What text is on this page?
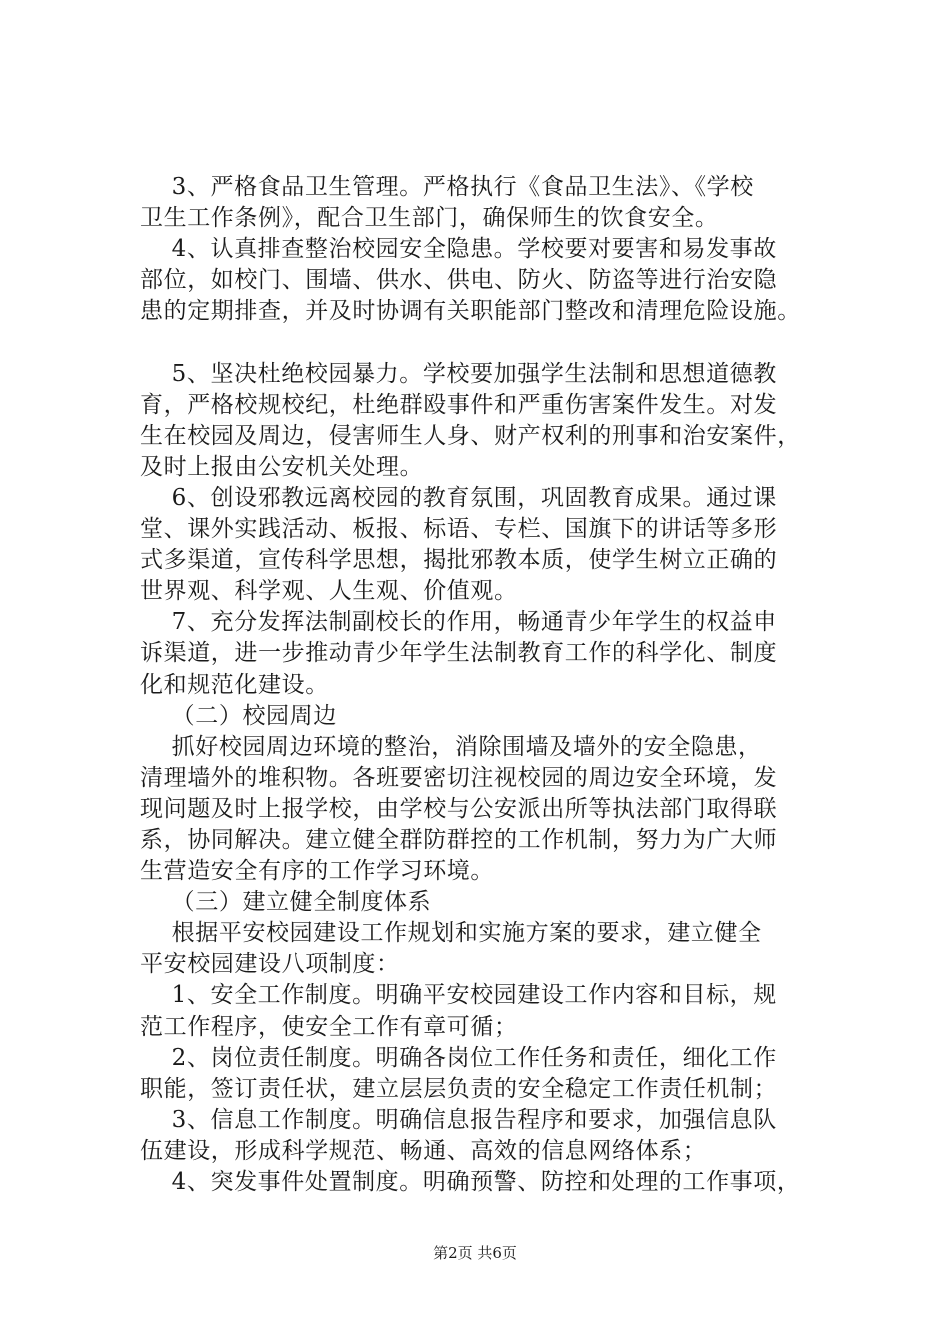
3、严格食品卫生管理。严格执行《食品卫生法》、《学校
卫生工作条例》，配合卫生部门，确保师生的饮食安全。
4、认真排查整治校园安全隐患。学校要对要害和易发事故
部位，如校门、围墙、供水、供电、防火、防盗等进行治安隐
患的定期排查，并及时协调有关职能部门整改和清理危险设施。
5、坚决杜绝校园暴力。学校要加强学生法制和思想道德教
育，严格校规校纪，杜绝群殴事件和严重伤害案件发生。对发
生在校园及周边，侵害师生人身、财产权利的刑事和治安案件，
及时上报由公安机关处理。
6、创设邪教远离校园的教育氛围，巩固教育成果。通过课
堂、课外实践活动、板报、标语、专栏、国旗下的讲话等多形
式多渠道，宣传科学思想，揭批邪教本质，使学生树立正确的
世界观、科学观、人生观、价值观。
7、充分发挥法制副校长的作用，畅通青少年学生的权益申
诉渠道，进一步推动青少年学生法制教育工作的科学化、制度
化和规范化建设。
（二）校园周边
抓好校园周边环境的整治，消除围墙及墙外的安全隐患，
清理墙外的堆积物。各班要密切注视校园的周边安全环境，发
现问题及时上报学校，由学校与公安派出所等执法部门取得联
系，协同解决。建立健全群防群控的工作机制，努力为广大师
生营造安全有序的工作学习环境。
（三）建立健全制度体系
根据平安校园建设工作规划和实施方案的要求，建立健全
平安校园建设八项制度：
1、安全工作制度。明确平安校园建设工作内容和目标，规
范工作程序，使安全工作有章可循；
2、岗位责任制度。明确各岗位工作任务和责任，细化工作
职能，签订责任状，建立层层负责的安全稳定工作责任机制；
3、信息工作制度。明确信息报告程序和要求，加强信息队
伍建设，形成科学规范、畅通、高效的信息网络体系；
4、突发事件处置制度。明确预警、防控和处理的工作事项，
第2页 共6页
